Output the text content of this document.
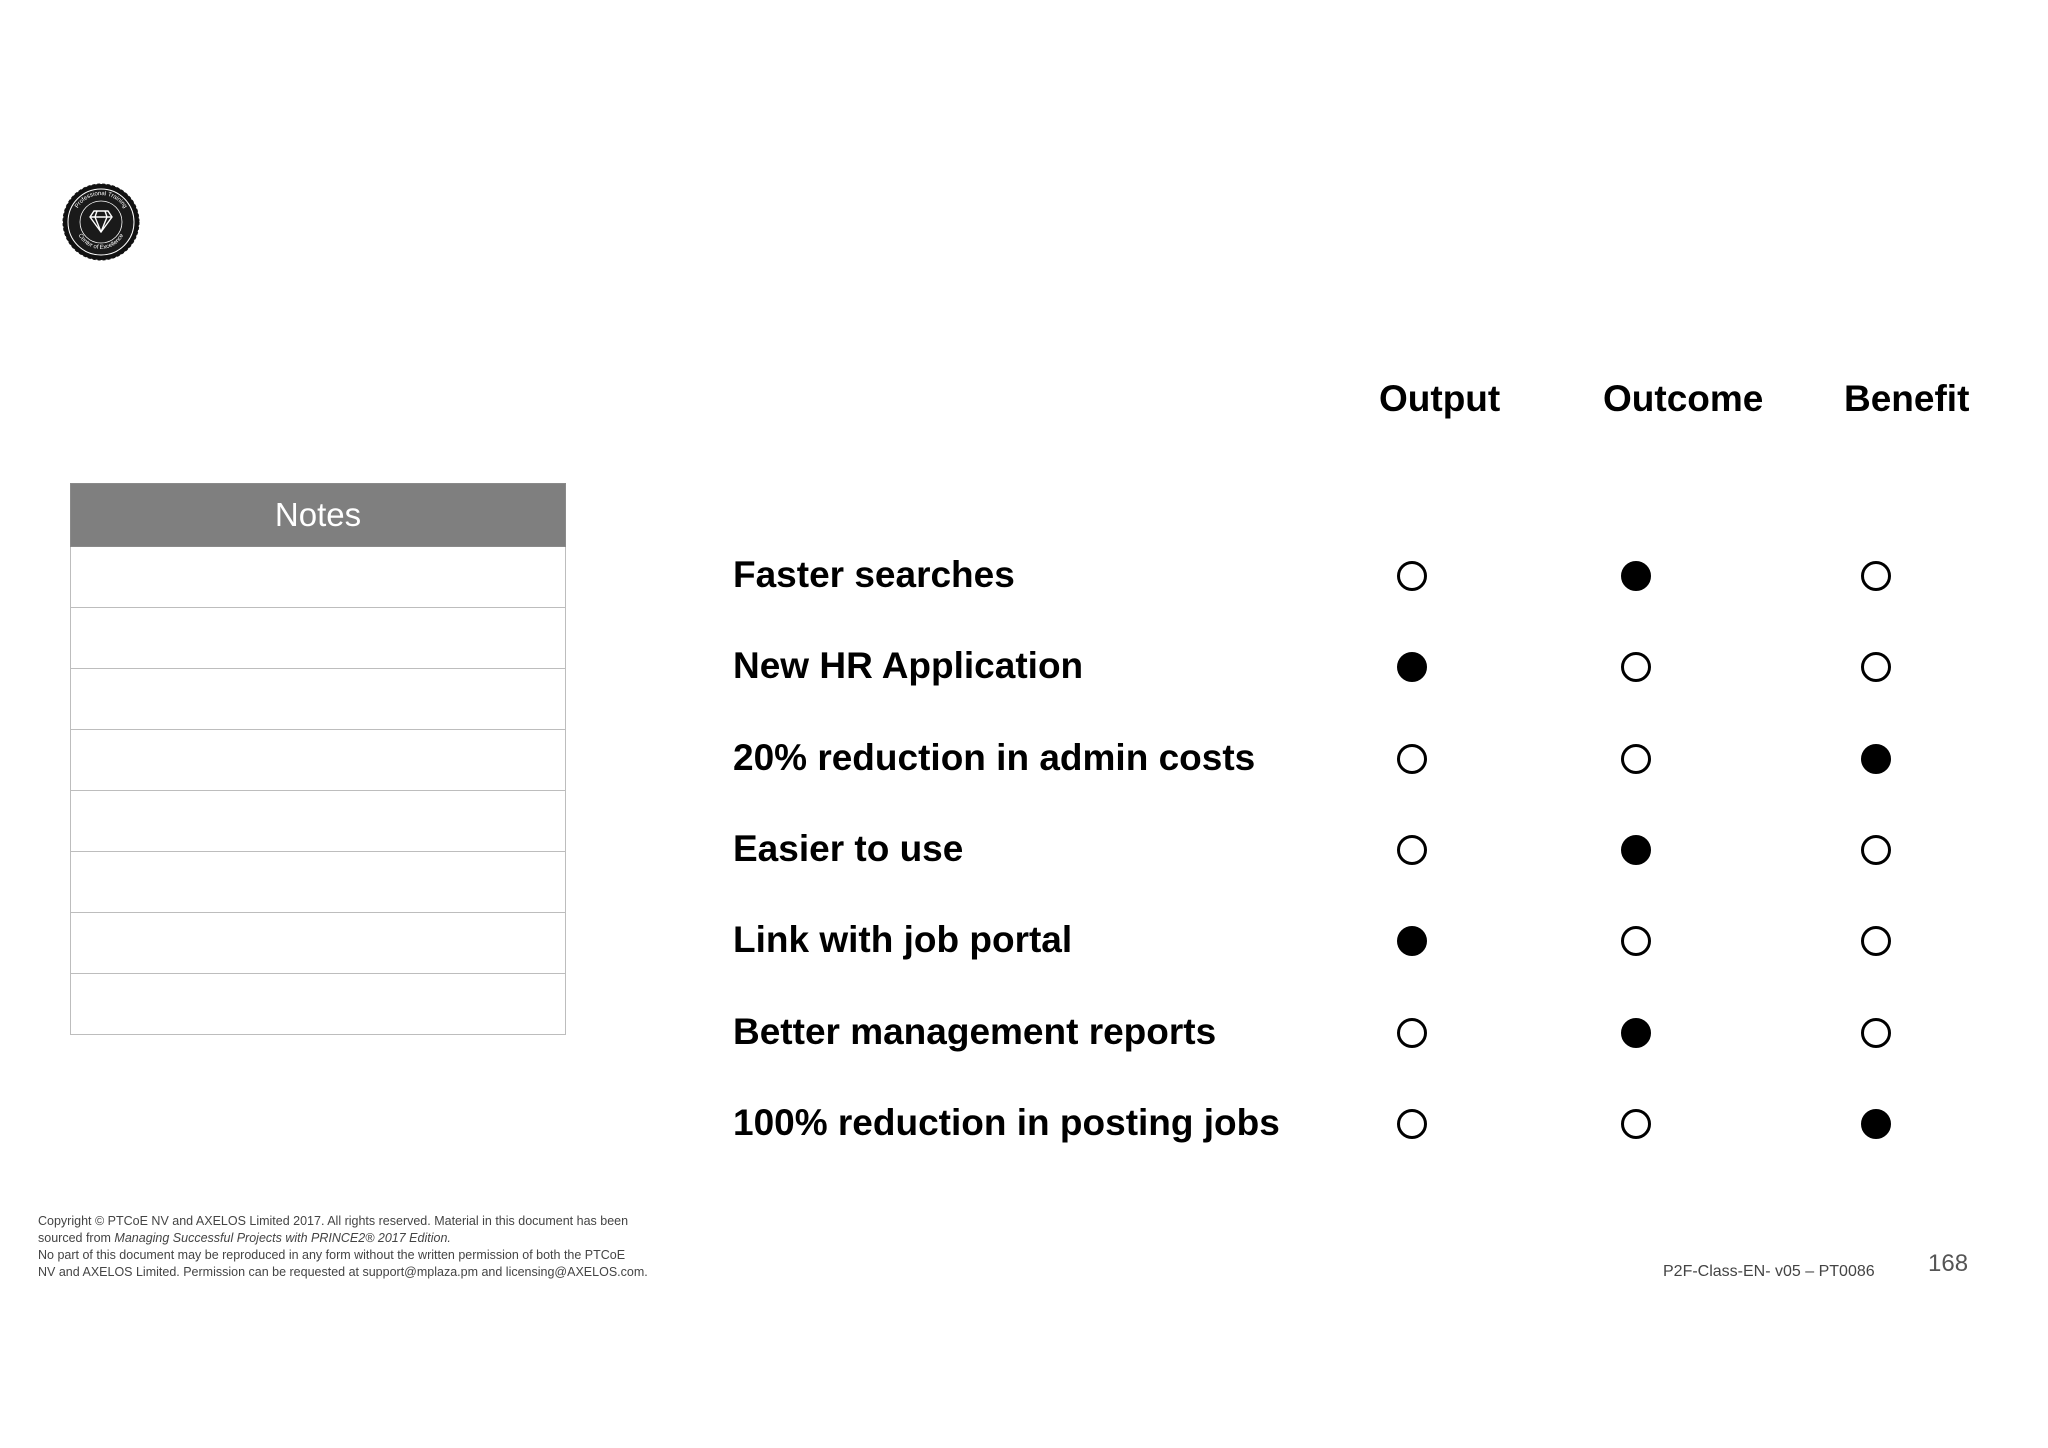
Professional Training
Center of Excellence
Notes
Output	Outcome Benefit
Faster searches
New HR Application
20% reduction in admin costs
Easier to use
Link with job portal
Better management reports
100% reduction in posting jobs
Copyright © PTCoE NV and AXELOS Limited 2017. All rights reserved. Material in this document has been
sourced from Managing Successful Projects with PRINCE2® 2017 Edition.
No part of this document may be reproduced in any form without the written permission of both the PTCoE
NV and AXELOS Limited. Permission can be requested at support@mplaza.pm and licensing@AXELOS.com.	P2F-Class-EN- v05 – PT0086 168
